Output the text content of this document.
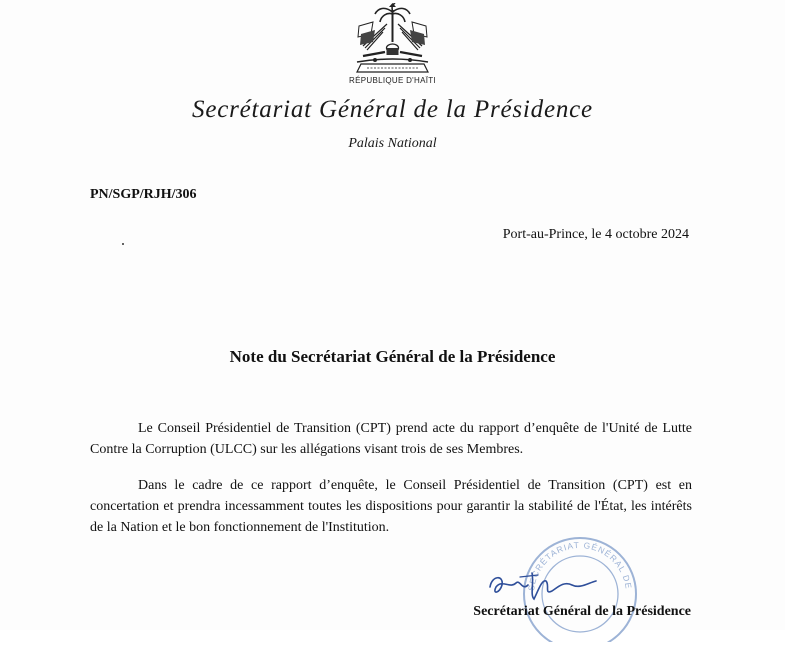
RÉPUBLIQUE D'HAÏTI
Secrétariat Général de la Présidence
Palais National
PN/SGP/RJH/306
Port-au-Prince, le 4 octobre 2024
Note du Secrétariat Général de la Présidence

Le Conseil Présidentiel de Transition (CPT) prend acte du rapport d’enquête de l'Unité de Lutte Contre la Corruption (ULCC) sur les allégations visant trois de ses Membres.

Dans le cadre de ce rapport d’enquête, le Conseil Présidentiel de Transition (CPT) est en concertation et prendra incessamment toutes les dispositions pour garantir la stabilité de l'État, les intérêts de la Nation et le bon fonctionnement de l'Institution.

SECRÉTARIAT GÉNÉRAL DE
Secrétariat Général de la Présidence
